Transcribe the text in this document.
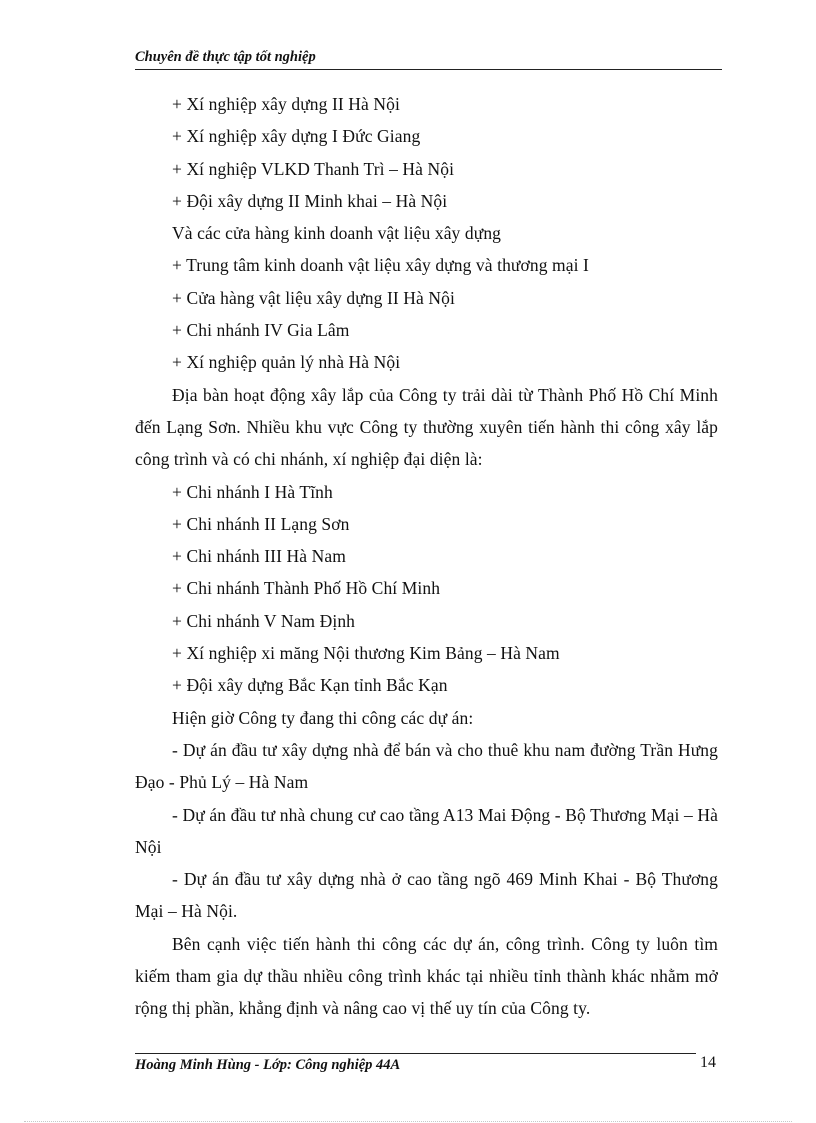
Chuyên đề thực tập tốt nghiệp
+ Xí nghiệp xây dựng II Hà Nội
+ Xí nghiệp xây dựng I Đức Giang
+ Xí nghiệp VLKD Thanh Trì – Hà Nội
+ Đội xây dựng II Minh khai – Hà Nội
Và các cửa hàng kinh doanh vật liệu xây dựng
+ Trung tâm kinh doanh vật liệu xây dựng và thương mại I
+ Cửa hàng vật liệu xây dựng II Hà Nội
+ Chi nhánh IV Gia Lâm
+ Xí nghiệp quản lý nhà Hà Nội
Địa bàn hoạt động xây lắp của Công ty trải dài từ Thành Phố Hồ Chí Minh đến Lạng Sơn. Nhiều khu vực Công ty thường xuyên tiến hành thi công xây lắp công trình và có chi nhánh, xí nghiệp đại diện là:
+ Chi nhánh I Hà Tĩnh
+ Chi nhánh II Lạng Sơn
+ Chi nhánh III Hà Nam
+ Chi nhánh Thành Phố Hồ Chí Minh
+ Chi nhánh V Nam Định
+ Xí nghiệp xi măng Nội thương Kim Bảng – Hà Nam
+ Đội xây dựng Bắc Kạn tỉnh Bắc Kạn
Hiện giờ Công ty đang thi công các dự án:
- Dự án đầu tư xây dựng nhà để bán và cho thuê khu nam đường Trần Hưng Đạo - Phủ Lý – Hà Nam
- Dự án đầu tư nhà chung cư cao tầng A13 Mai Động - Bộ Thương Mại – Hà Nội
- Dự án đầu tư xây dựng nhà ở cao tầng ngõ 469 Minh Khai - Bộ Thương Mại – Hà Nội.
Bên cạnh việc tiến hành thi công các dự án, công trình. Công ty luôn tìm kiếm tham gia dự thầu nhiều công trình khác tại nhiều tỉnh thành khác nhằm mở rộng thị phần, khẳng định và nâng cao vị thế uy tín của Công ty.
Hoàng Minh Hùng - Lớp: Công nghiệp 44A	14
